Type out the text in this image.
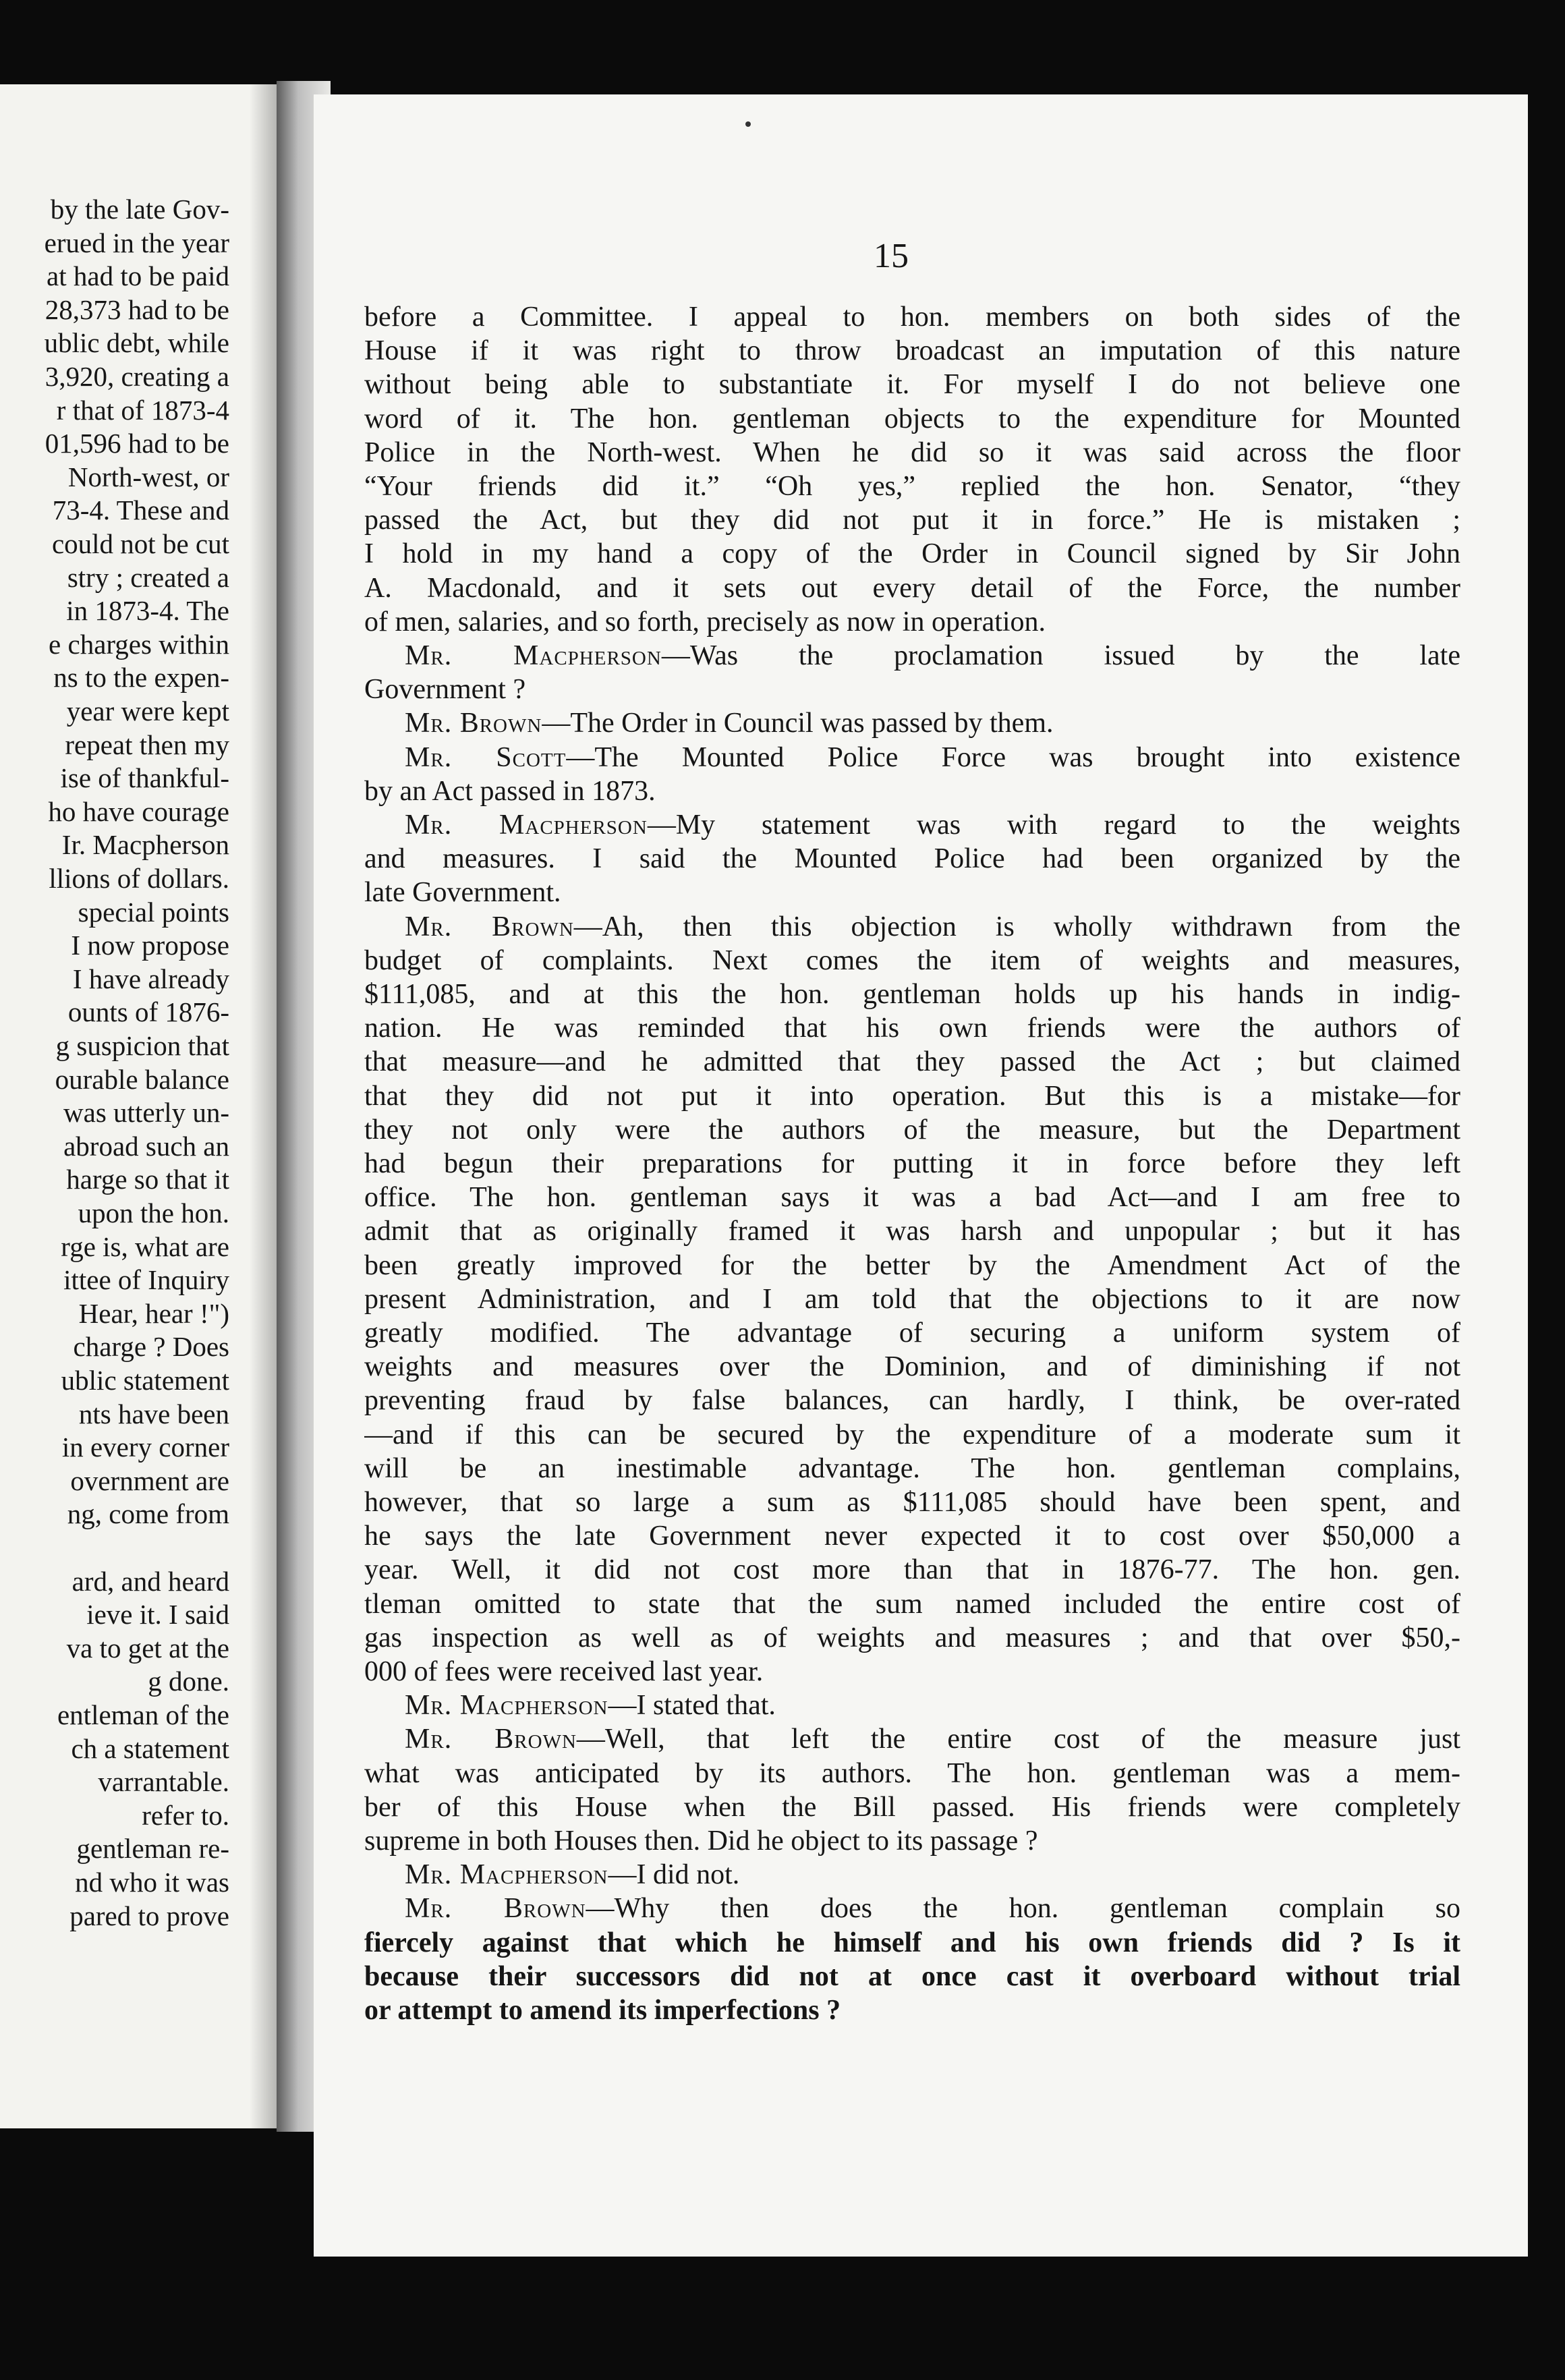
by the late Gov-
erued in the year
at had to be paid
28,373 had to be
ublic debt, while
3,920, creating a
r that of 1873-4
01,596 had to be
North-west, or
73-4. These and
could not be cut
stry ; created a
in 1873-4. The
e charges within
ns to the expen-
year were kept
repeat then my
ise of thankful-
ho have courage
Ir. Macpherson
llions of dollars.
special points
I now propose
I have already
ounts of 1876-
g suspicion that
ourable balance
was utterly un-
abroad such an
harge so that it
upon the hon.
rge is, what are
ittee of Inquiry
Hear, hear !")
charge ? Does
ublic statement
nts have been
in every corner
overnment are
ng, come from
ard, and heard
ieve it. I said
va to get at the
g done.
entleman of the
ch a statement
varrantable.
refer to.
gentleman re-
nd who it was
pared to prove
15
before a Committee. I appeal to hon. members on both sides of the
House if it was right to throw broadcast an imputation of this nature
without being able to substantiate it. For myself I do not believe one
word of it. The hon. gentleman objects to the expenditure for Mounted
Police in the North-west. When he did so it was said across the floor
“Your friends did it.” “Oh yes,” replied the hon. Senator, “they
passed the Act, but they did not put it in force.” He is mistaken ;
I hold in my hand a copy of the Order in Council signed by Sir John
A. Macdonald, and it sets out every detail of the Force, the number
of men, salaries, and so forth, precisely as now in operation.
Mr. Macpherson—Was the proclamation issued by the late
Government ?
Mr. Brown—The Order in Council was passed by them.
Mr. Scott—The Mounted Police Force was brought into existence
by an Act passed in 1873.
Mr. Macpherson—My statement was with regard to the weights
and measures. I said the Mounted Police had been organized by the
late Government.
Mr. Brown—Ah, then this objection is wholly withdrawn from the
budget of complaints. Next comes the item of weights and measures,
$111,085, and at this the hon. gentleman holds up his hands in indig-
nation. He was reminded that his own friends were the authors of
that measure—and he admitted that they passed the Act ; but claimed
that they did not put it into operation. But this is a mistake—for
they not only were the authors of the measure, but the Department
had begun their preparations for putting it in force before they left
office. The hon. gentleman says it was a bad Act—and I am free to
admit that as originally framed it was harsh and unpopular ; but it has
been greatly improved for the better by the Amendment Act of the
present Administration, and I am told that the objections to it are now
greatly modified. The advantage of securing a uniform system of
weights and measures over the Dominion, and of diminishing if not
preventing fraud by false balances, can hardly, I think, be over-rated
—and if this can be secured by the expenditure of a moderate sum it
will be an inestimable advantage. The hon. gentleman complains,
however, that so large a sum as $111,085 should have been spent, and
he says the late Government never expected it to cost over $50,000 a
year. Well, it did not cost more than that in 1876-77. The hon. gen.
tleman omitted to state that the sum named included the entire cost of
gas inspection as well as of weights and measures ; and that over $50,-
000 of fees were received last year.
Mr. Macpherson—I stated that.
Mr. Brown—Well, that left the entire cost of the measure just
what was anticipated by its authors. The hon. gentleman was a mem-
ber of this House when the Bill passed. His friends were completely
supreme in both Houses then. Did he object to its passage ?
Mr. Macpherson—I did not.
Mr. Brown—Why then does the hon. gentleman complain so
fiercely against that which he himself and his own friends did ? Is it
because their successors did not at once cast it overboard without trial
or attempt to amend its imperfections ?
